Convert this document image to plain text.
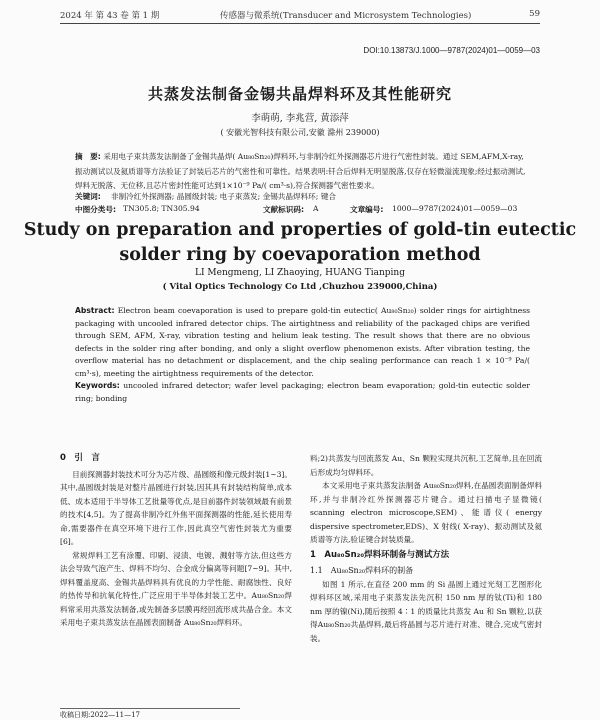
2024 年 第 43 卷 第 1 期	传感器与微系统(Transducer and Microsystem Technologies)	59
DOI:10.13873/J.1000—9787(2024)01—0059—03
共蒸发法制备金锡共晶焊料环及其性能研究
李萌萌, 李兆营, 黄添萍
( 安徽光智科技有限公司,安徽 滁州 239000)
摘　要: 采用电子束共蒸发法制备了金锡共晶焊( Au₈₀Sn₂₀)焊料环,与非制冷红外探测器芯片进行气密性封装。通过 SEM,AFM,X-ray,振动测试以及氦质谱等方法验证了封装后芯片的气密性和可靠性。结果表明:钎合后焊料无明显脱落,仅存在轻微溢流现象;经过振动测试,焊料无脱落、无位移,且芯片密封性能可达到1×10⁻⁹ Pa/( cm³·s),符合探测器气密性要求。
关键词: 非制冷红外探测器; 晶圆级封装; 电子束蒸发; 金锡共晶焊料环; 键合
中图分类号: TN305.8; TN305.94	文献标识码: A	文章编号: 1000—9787(2024)01—0059—03
Study on preparation and properties of gold-tin eutectic solder ring by coevaporation method
LI Mengmeng, LI Zhaoying, HUANG Tianping
( Vital Optics Technology Co Ltd ,Chuzhou 239000,China)
Abstract: Electron beam coevaporation is used to prepare gold-tin eutectic( Au₈₀Sn₂₀) solder rings for airtightness packaging with uncooled infrared detector chips. The airtightness and reliability of the packaged chips are verified through SEM, AFM, X-ray, vibration testing and helium leak testing. The result shows that there are no obvious defects in the solder ring after bonding, and only a slight overflow phenomenon exists. After vibration testing, the overflow material has no detachment or displacement, and the chip sealing performance can reach 1 × 10⁻⁹ Pa/( cm³·s), meeting the airtightness requirements of the detector.
Keywords: uncooled infrared detector; wafer level packaging; electron beam evaporation; gold-tin eutectic solder ring; bonding
0　引　言

目前探测器封装技术可分为芯片级、晶圆级和像元级封装[1~3]。其中,晶圆级封装是对整片晶圆进行封装,因其具有封装结构简单,成本低、成本适用于半导体工艺批量等优点,是目前器件封装领域最有前景的技术[4,5]。为了提高非制冷红外焦平面探测器的性能,延长使用寿命,需要器件在真空环境下进行工作,因此真空气密性封装尤为重要[6]。

常规焊料工艺有涂覆、印刷、浸渍、电镀、溅射等方法,但这些方法会导致气泡产生、焊料不均匀、合金成分偏离等问题[7~9]。其中,焊料覆盖度高、金锡共晶焊料具有优良的力学性能、耐腐蚀性、良好的热传导和抗氧化特性,广泛应用于半导体封装工艺中。Au₈₀Sn₂₀焊料常采用共蒸发法制备,或先制备多层膜再经回流形成共晶合金。本文采用电子束共蒸发法在晶圆表面制备 Au₈₀Sn₂₀焊料环。

料;2)共蒸发与回流蒸发 Au、Sn 颗粒实现共沉积,工艺简单,且在回流后形成均匀焊料环。

本文采用电子束共蒸发法制备 Au₈₀Sn₂₀焊料,在晶圆表面制备焊料环,并与非制冷红外探测器芯片键合。通过扫描电子显微镜( scanning electron microscope,SEM)、能谱仪( energy dispersive spectrometer,EDS)、X 射线( X-ray)、振动测试及氦质谱等方法,验证键合封装质量。

1　Au₈₀Sn₂₀焊料环制备与测试方法
1.1　Au₈₀Sn₂₀焊料环的制备

如图 1 所示,在直径 200 mm 的 Si 晶圆上通过光刻工艺图形化焊料环区域,采用电子束蒸发法先沉积 150 nm 厚的钛(Ti)和 180 nm 厚的镍(Ni),随后按照 4∶1 的质量比共蒸发 Au 和 Sn 颗粒,以获得Au₈₀Sn₂₀共晶焊料,最后将晶圆与芯片进行对准、键合,完成气密封装。

收稿日期:2022—11—17
